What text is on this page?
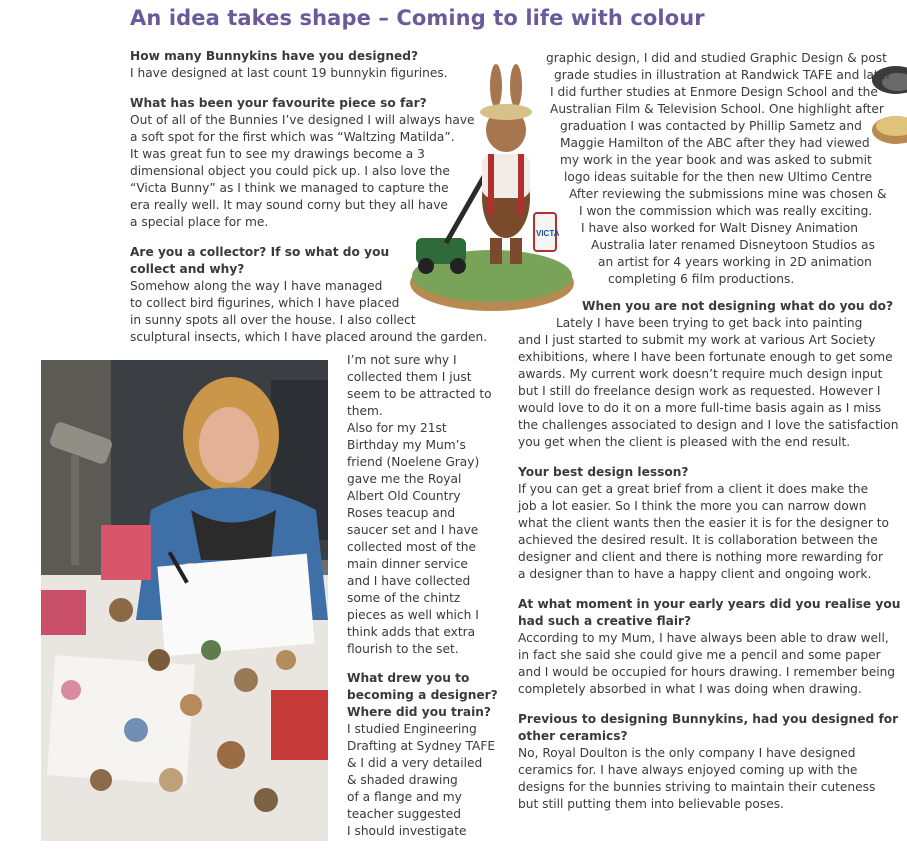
An idea takes shape – Coming to life with colour
How many Bunnykins have you designed?
I have designed at last count 19 bunnykin figurines.
What has been your favourite piece so far?
Out of all of the Bunnies I’ve designed I will always have
a soft spot for the first which was “Waltzing Matilda”.
It was great fun to see my drawings become a 3
dimensional object you could pick up. I also love the
“Victa Bunny” as I think we managed to capture the
era really well. It may sound corny but they all have
a special place for me.
Are you a collector? If so what do you
collect and why?
Somehow along the way I have managed
to collect bird figurines, which I have placed
in sunny spots all over the house. I also collect
sculptural insects, which I have placed around the garden.
I’m not sure why I
collected them I just
seem to be attracted to
them.
Also for my 21st
Birthday my Mum’s
friend (Noelene Gray)
gave me the Royal
Albert Old Country
Roses teacup and
saucer set and I have
collected most of the
main dinner service
and I have collected
some of the chintz
pieces as well which I
think adds that extra
flourish to the set.
What drew you to
becoming a designer?
Where did you train?
I studied Engineering
Drafting at Sydney TAFE
& I did a very detailed
& shaded drawing
of a flange and my
teacher suggested
I should investigate
VICTA
graphic design, I did and studied Graphic Design & post
grade studies in illustration at Randwick TAFE and later
I did further studies at Enmore Design School and the
Australian Film & Television School. One highlight after
graduation I was contacted by Phillip Sametz and
Maggie Hamilton of the ABC after they had viewed
my work in the year book and was asked to submit
logo ideas suitable for the then new Ultimo Centre
After reviewing the submissions mine was chosen &
I won the commission which was really exciting.
I have also worked for Walt Disney Animation
Australia later renamed Disneytoon Studios as
an artist for 4 years working in 2D animation
completing 6 film productions.
When you are not designing what do you do?
Lately I have been trying to get back into painting
and I just started to submit my work at various Art Society
exhibitions, where I have been fortunate enough to get some
awards. My current work doesn’t require much design input
but I still do freelance design work as requested. However I
would love to do it on a more full-time basis again as I miss
the challenges associated to design and I love the satisfaction
you get when the client is pleased with the end result.
Your best design lesson?
If you can get a great brief from a client it does make the
job a lot easier. So I think the more you can narrow down
what the client wants then the easier it is for the designer to
achieved the desired result. It is collaboration between the
designer and client and there is nothing more rewarding for
a designer than to have a happy client and ongoing work.
At what moment in your early years did you realise you
had such a creative flair?
According to my Mum, I have always been able to draw well,
in fact she said she could give me a pencil and some paper
and I would be occupied for hours drawing. I remember being
completely absorbed in what I was doing when drawing.
Previous to designing Bunnykins, had you designed for
other ceramics?
No, Royal Doulton is the only company I have designed
ceramics for. I have always enjoyed coming up with the
designs for the bunnies striving to maintain their cuteness
but still putting them into believable poses.
